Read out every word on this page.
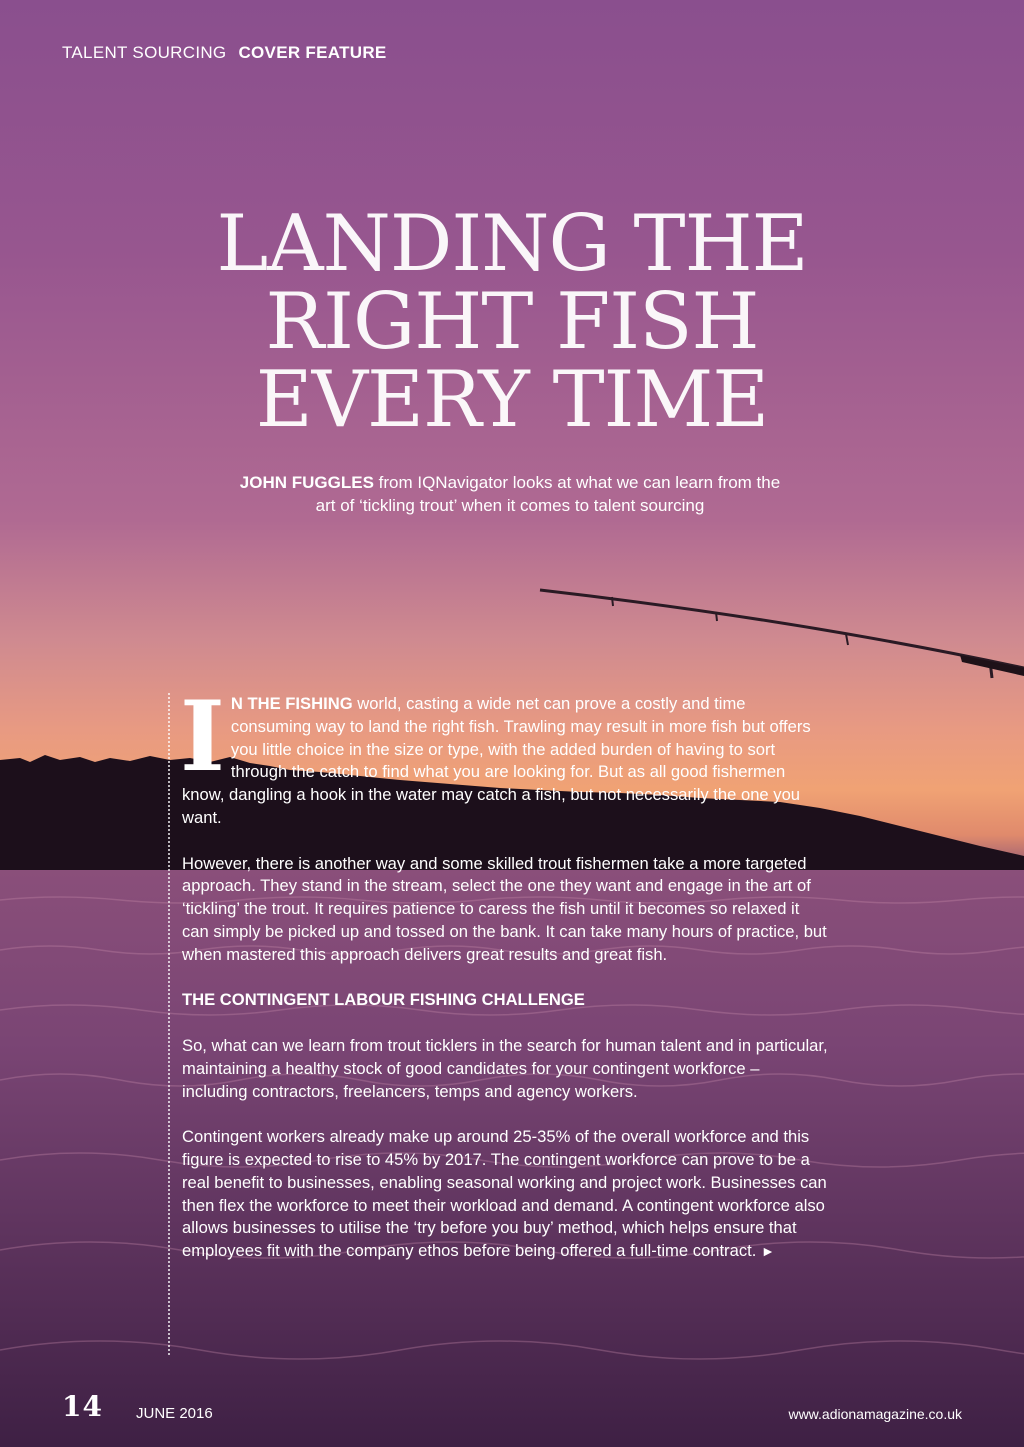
TALENT SOURCING COVER FEATURE
LANDING THE
RIGHT FISH
EVERY TIME
JOHN FUGGLES from IQNavigator looks at what we can learn from the
art of ‘tickling trout’ when it comes to talent sourcing

I N THE FISHING world, casting a wide net can prove a costly and time consuming way to land the right fish. Trawling may result in more fish but offers you little choice in the size or type, with the added burden of having to sort through the catch to find what you are looking for. But as all good fishermen know, dangling a hook in the water may catch a fish, but not necessarily the one you want.

However, there is another way and some skilled trout fishermen take a more targeted approach. They stand in the stream, select the one they want and engage in the art of ‘tickling’ the trout. It requires patience to caress the fish until it becomes so relaxed it can simply be picked up and tossed on the bank. It can take many hours of practice, but when mastered this approach delivers great results and great fish.

THE CONTINGENT LABOUR FISHING CHALLENGE

So, what can we learn from trout ticklers in the search for human talent and in particular, maintaining a healthy stock of good candidates for your contingent workforce – including contractors, freelancers, temps and agency workers.

Contingent workers already make up around 25-35% of the overall workforce and this figure is expected to rise to 45% by 2017. The contingent workforce can prove to be a real benefit to businesses, enabling seasonal working and project work. Businesses can then flex the workforce to meet their workload and demand. A contingent workforce also allows businesses to utilise the ‘try before you buy’ method, which helps ensure that employees fit with the company ethos before being offered a full-time contract. ►

14 JUNE 2016	www.adionamagazine.co.uk
